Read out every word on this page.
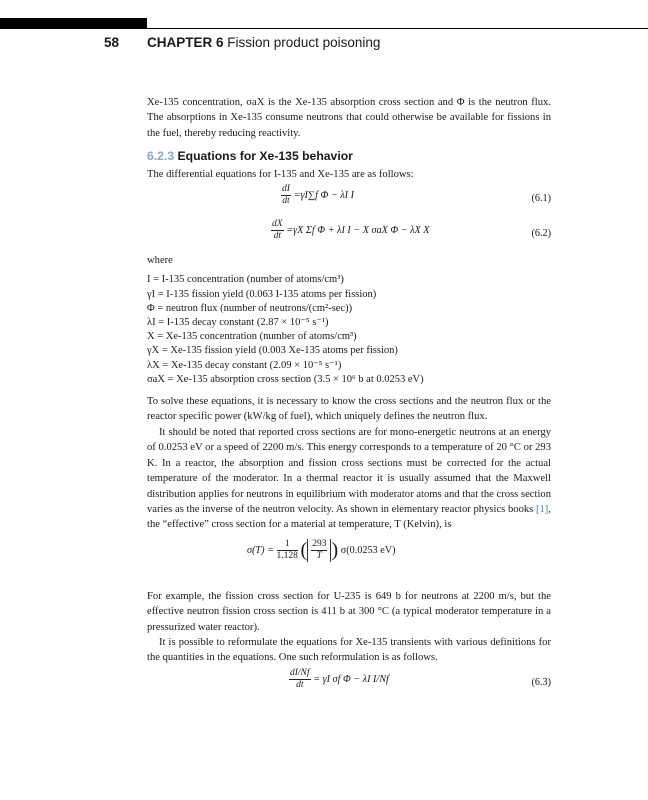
58 CHAPTER 6 Fission product poisoning

Xe-135 concentration, σaX is the Xe-135 absorption cross section and Φ is the neutron flux. The absorptions in Xe-135 consume neutrons that could otherwise be available for fissions in the fuel, thereby reducing reactivity.

6.2.3 Equations for Xe-135 behavior

The differential equations for I-135 and Xe-135 are as follows:

$\frac{dI}{dt} =\gamma I\sum f$ Φ − λI I	(6.1)
$\frac{dX}{dt} =\gamma X$ Σf Φ + λI I − X σaX Φ − λX X	(6.2)

where

I = I-135 concentration (number of atoms/cm³)
γI = I-135 fission yield (0.063 I-135 atoms per fission)
Φ = neutron flux (number of neutrons/(cm²-sec))
λI = I-135 decay constant (2.87 × 10⁻⁵ s⁻¹)
X = Xe-135 concentration (number of atoms/cm³)
γX = Xe-135 fission yield (0.003 Xe-135 atoms per fission)
λX = Xe-135 decay constant (2.09 × 10⁻⁵ s⁻¹)
σaX = Xe-135 absorption cross section (3.5 × 10⁶ b at 0.0253 eV)

To solve these equations, it is necessary to know the cross sections and the neutron flux or the reactor specific power (kW/kg of fuel), which uniquely defines the neutron flux.

It should be noted that reported cross sections are for mono-energetic neutrons at an energy of 0.0253 eV or a speed of 2200 m/s. This energy corresponds to a temperature of 20 °C or 293 K. In a reactor, the absorption and fission cross sections must be corrected for the actual temperature of the moderator. In a thermal reactor it is usually assumed that the Maxwell distribution applies for neutrons in equilibrium with moderator atoms and that the cross section varies as the inverse of the neutron velocity. As shown in elementary reactor physics books [1], the “effective” cross section for a material at temperature, T (Kelvin), is

$\sigma(T) = \frac{1}{1.128}$ ( $\frac{293}{T}$ ) σ(0.0253 eV)

For example, the fission cross section for U-235 is 649 b for neutrons at 2200 m/s, but the effective neutron fission cross section is 411 b at 300 °C (a typical moderator temperature in a pressurized water reactor).

It is possible to reformulate the equations for Xe-135 transients with various definitions for the quantities in the equations. One such reformulation is as follows.

$\frac{dI/Nf}{dt} = \gamma I$ σf Φ − λI I/Nf	(6.3)
